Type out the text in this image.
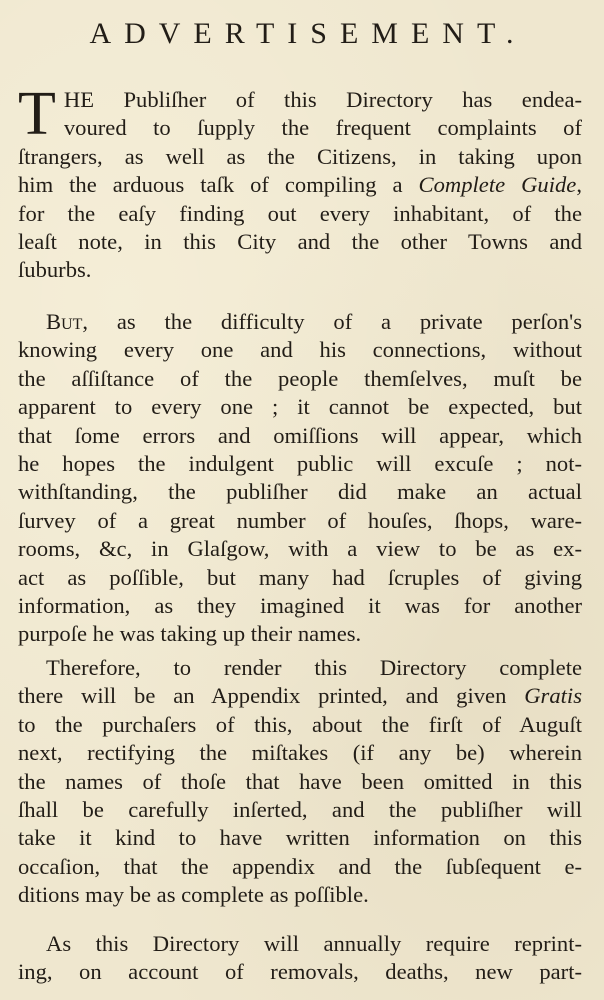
ADVERTISEMENT.
T HE Publiſher of this Directory has endea-
voured to ſupply the frequent complaints of
ſtrangers, as well as the Citizens, in taking upon
him the arduous taſk of compiling a Complete Guide,
for the eaſy finding out every inhabitant, of the
leaſt note, in this City and the other Towns and
ſuburbs.
But, as the difficulty of a private perſon's
knowing every one and his connections, without
the aſſiſtance of the people themſelves, muſt be
apparent to every one ; it cannot be expected, but
that ſome errors and omiſſions will appear, which
he hopes the indulgent public will excuſe ; not-
withſtanding, the publiſher did make an actual
ſurvey of a great number of houſes, ſhops, ware-
rooms, &c, in Glaſgow, with a view to be as ex-
act as poſſible, but many had ſcruples of giving
information, as they imagined it was for another
purpoſe he was taking up their names.
Therefore, to render this Directory complete
there will be an Appendix printed, and given Gratis
to the purchaſers of this, about the firſt of Auguſt
next, rectifying the miſtakes (if any be) wherein
the names of thoſe that have been omitted in this
ſhall be carefully inſerted, and the publiſher will
take it kind to have written information on this
occaſion, that the appendix and the ſubſequent e-
ditions may be as complete as poſſible.
As this Directory will annually require reprint-
ing, on account of removals, deaths, new part-
